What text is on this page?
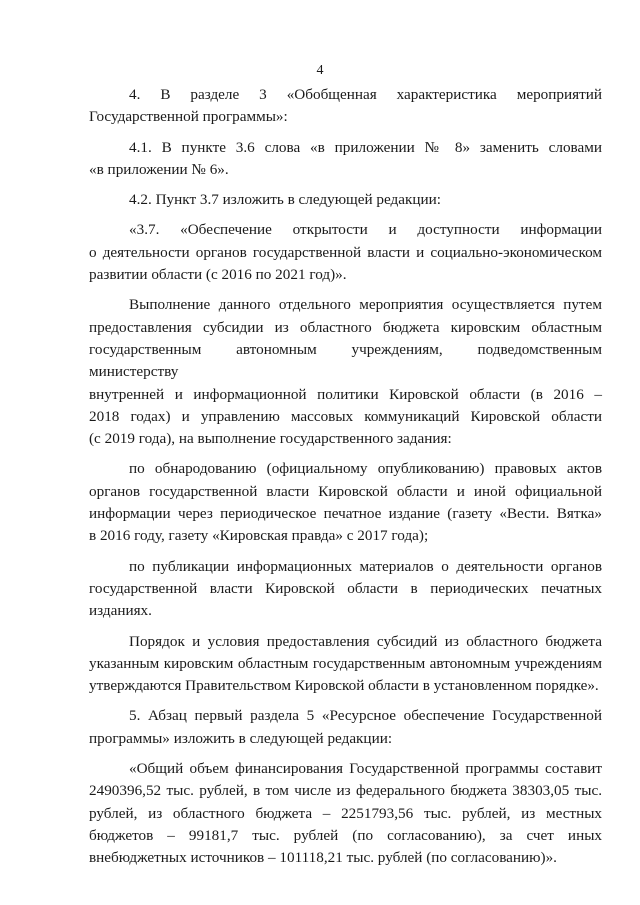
4
4. В разделе 3 «Обобщенная характеристика мероприятий
Государственной программы»:
4.1. В пункте 3.6 слова «в приложении № 8» заменить словами
«в приложении № 6».
4.2. Пункт 3.7 изложить в следующей редакции:
«3.7. «Обеспечение открытости и доступности информации
о деятельности органов государственной власти и социально-экономическом
развитии области (с 2016 по 2021 год)».
Выполнение данного отдельного мероприятия осуществляется путем
предоставления субсидии из областного бюджета кировским областным
государственным автономным учреждениям, подведомственным министерству
внутренней и информационной политики Кировской области (в 2016 –
2018 годах) и управлению массовых коммуникаций Кировской области
(с 2019 года), на выполнение государственного задания:
по обнародованию (официальному опубликованию) правовых актов
органов государственной власти Кировской области и иной официальной
информации через периодическое печатное издание (газету «Вести. Вятка»
в 2016 году, газету «Кировская правда» с 2017 года);
по публикации информационных материалов о деятельности органов
государственной власти Кировской области в периодических печатных
изданиях.
Порядок и условия предоставления субсидий из областного бюджета
указанным кировским областным государственным автономным учреждениям
утверждаются Правительством Кировской области в установленном порядке».
5. Абзац первый раздела 5 «Ресурсное обеспечение Государственной
программы» изложить в следующей редакции:
«Общий объем финансирования Государственной программы составит
2490396,52 тыс. рублей, в том числе из федерального бюджета 38303,05 тыс.
рублей, из областного бюджета – 2251793,56 тыс. рублей, из местных
бюджетов – 99181,7 тыс. рублей (по согласованию), за счет иных
внебюджетных источников – 101118,21 тыс. рублей (по согласованию)».
